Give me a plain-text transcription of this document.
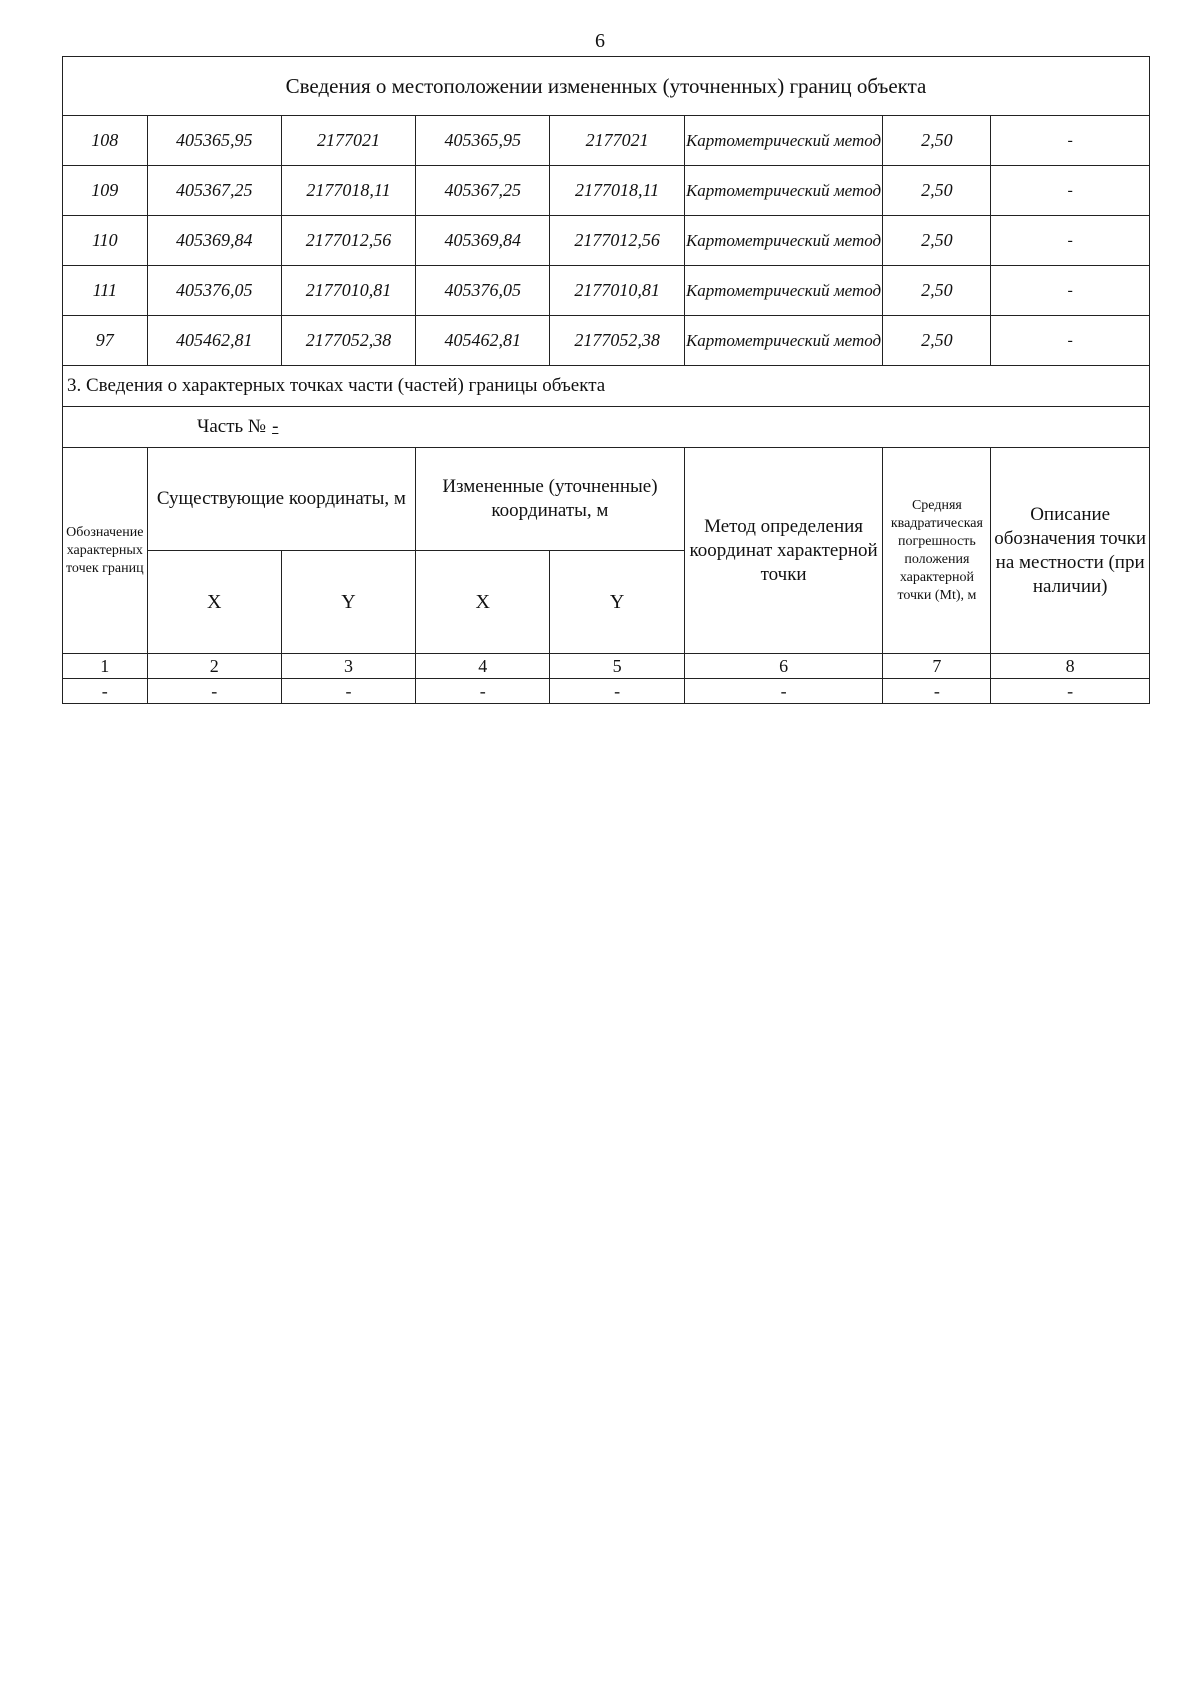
6
Сведения о местоположении измененных (уточненных) границ объекта							
108	405365,95	2177021	405365,95	2177021	Картометрический метод	2,50	-
109	405367,25	2177018,11	405367,25	2177018,11	Картометрический метод	2,50	-
110	405369,84	2177012,56	405369,84	2177012,56	Картометрический метод	2,50	-
111	405376,05	2177010,81	405376,05	2177010,81	Картометрический метод	2,50	-
97	405462,81	2177052,38	405462,81	2177052,38	Картометрический метод	2,50	-
3. Сведения о характерных точках части (частей) границы объекта							
Часть № -							
Обозначение характерных точек границ	Существующие координаты, м		Измененные (уточненные) координаты, м		Метод определения координат характерной точки	Средняя квадратическая погрешность положения характерной точки (Mt), м	Описание обозначения точки на местности (при наличии)
	X	Y	X	Y			
1	2	3	4	5	6	7	8
-	-	-	-	-	-	-	-
